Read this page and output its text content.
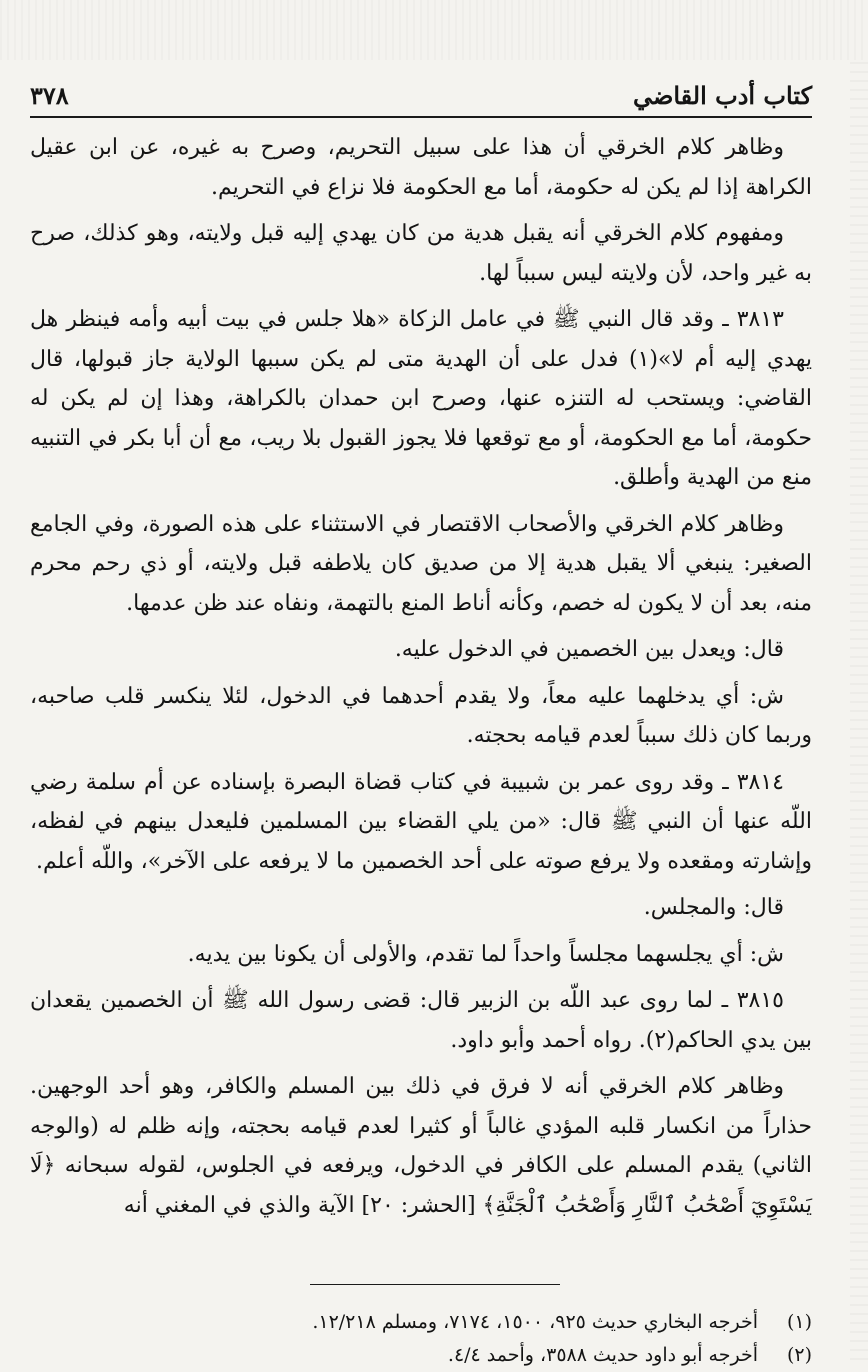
كتاب أدب القاضي
٣٧٨

وظاهر كلام الخرقي أن هذا على سبيل التحريم، وصرح به غيره، عن ابن عقيل الكراهة إذا لم يكن له حكومة، أما مع الحكومة فلا نزاع في التحريم.

ومفهوم كلام الخرقي أنه يقبل هدية من كان يهدي إليه قبل ولايته، وهو كذلك، صرح به غير واحد، لأن ولايته ليس سبباً لها.

٣٨١٣ ـ وقد قال النبي ﷺ في عامل الزكاة «هلا جلس في بيت أبيه وأمه فينظر هل يهدي إليه أم لا»(١) فدل على أن الهدية متى لم يكن سببها الولاية جاز قبولها، قال القاضي: ويستحب له التنزه عنها، وصرح ابن حمدان بالكراهة، وهذا إن لم يكن له حكومة، أما مع الحكومة، أو مع توقعها فلا يجوز القبول بلا ريب، مع أن أبا بكر في التنبيه منع من الهدية وأطلق.

وظاهر كلام الخرقي والأصحاب الاقتصار في الاستثناء على هذه الصورة، وفي الجامع الصغير: ينبغي ألا يقبل هدية إلا من صديق كان يلاطفه قبل ولايته، أو ذي رحم محرم منه، بعد أن لا يكون له خصم، وكأنه أناط المنع بالتهمة، ونفاه عند ظن عدمها.

قال: ويعدل بين الخصمين في الدخول عليه.

ش: أي يدخلهما عليه معاً، ولا يقدم أحدهما في الدخول، لئلا ينكسر قلب صاحبه، وربما كان ذلك سبباً لعدم قيامه بحجته.

٣٨١٤ ـ وقد روى عمر بن شبيبة في كتاب قضاة البصرة بإسناده عن أم سلمة رضي اللّه عنها أن النبي ﷺ قال: «من يلي القضاء بين المسلمين فليعدل بينهم في لفظه، وإشارته ومقعده ولا يرفع صوته على أحد الخصمين ما لا يرفعه على الآخر»، واللّه أعلم.

قال: والمجلس.

ش: أي يجلسهما مجلساً واحداً لما تقدم، والأولى أن يكونا بين يديه.

٣٨١٥ ـ لما روى عبد اللّه بن الزبير قال: قضى رسول الله ﷺ أن الخصمين يقعدان بين يدي الحاكم(٢). رواه أحمد وأبو داود.

وظاهر كلام الخرقي أنه لا فرق في ذلك بين المسلم والكافر، وهو أحد الوجهين. حذاراً من انكسار قلبه المؤدي غالباً أو كثيرا لعدم قيامه بحجته، وإنه ظلم له (والوجه الثاني) يقدم المسلم على الكافر في الدخول، ويرفعه في الجلوس، لقوله سبحانه ﴿لَا يَسْتَوِيٓ أَصْحَٰبُ ٱلنَّارِ وَأَصْحَٰبُ ٱلْجَنَّةِ﴾ [الحشر: ٢٠] الآية والذي في المغني أنه

(١)
أخرجه البخاري حديث ٩٢٥، ١٥٠٠، ٧١٧٤، ومسلم ١٢/٢١٨.
(٢)
أخرجه أبو داود حديث ٣٥٨٨، وأحمد ٤/٤.
